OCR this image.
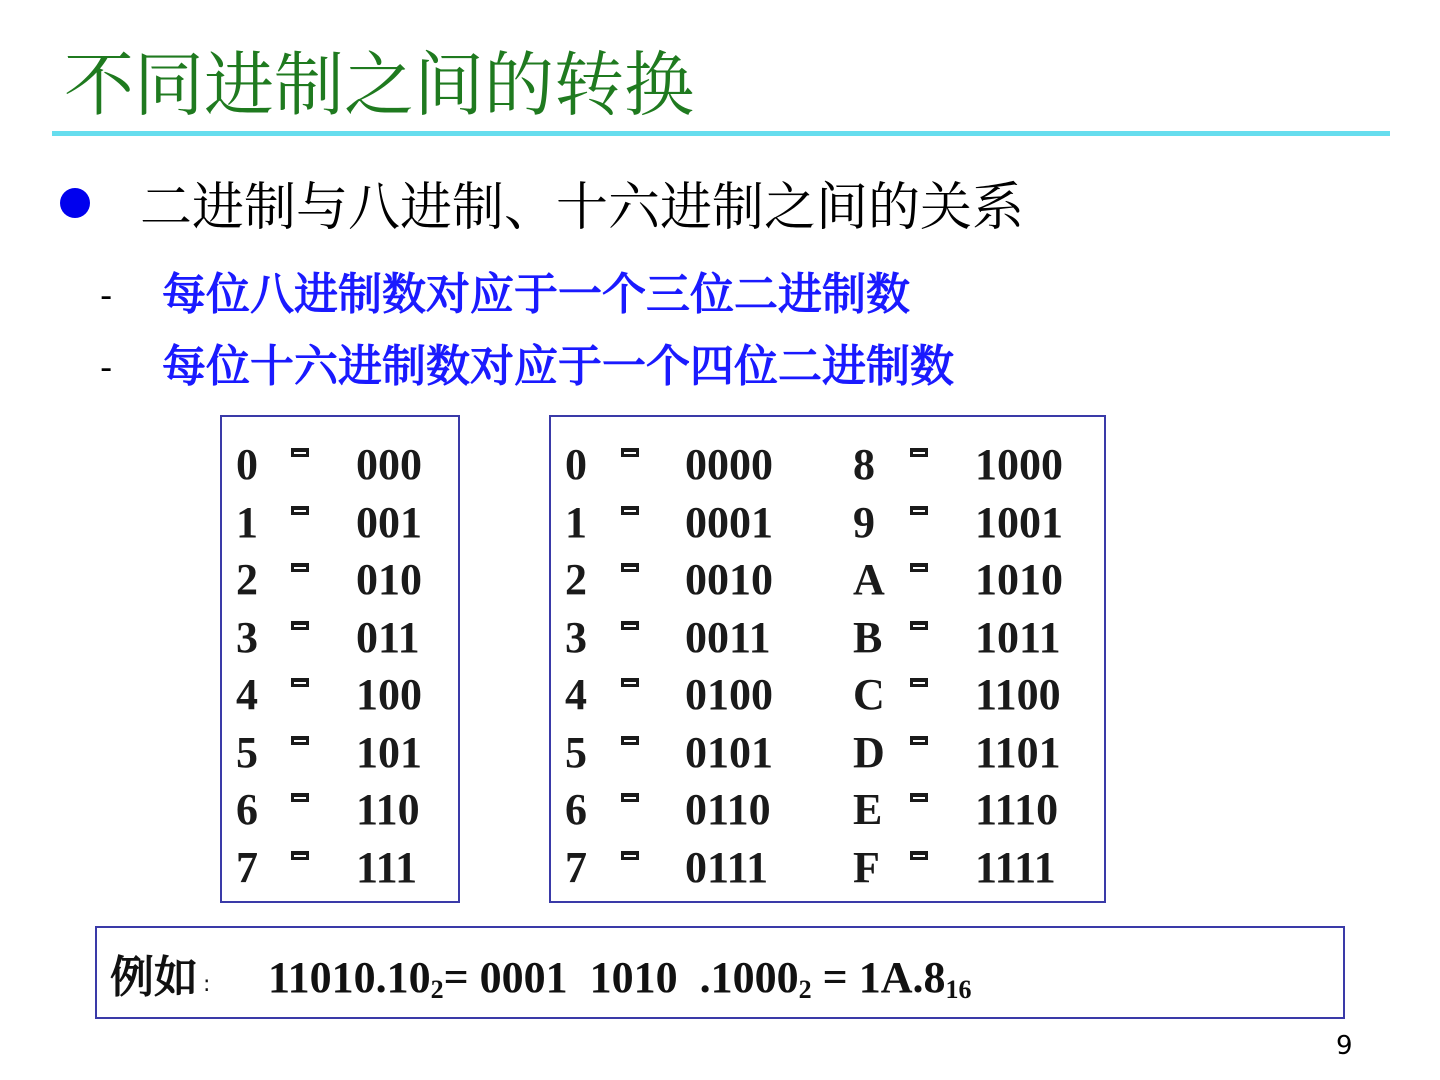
不同进制之间的转换
二进制与八进制、十六进制之间的关系
- 每位八进制数对应于一个三位二进制数
- 每位十六进制数对应于一个四位二进制数
0 000
1 001
2 010
3 011
4 100
5 101
6 110
7 111
0 0000
1 0001
2 0010
3 0011
4 0100
5 0101
6 0110
7 0111
8 1000
9 1001
A 1010
B 1011
C 1100
D 1101
E 1110
F 1111
例如 : $11010.10_2= 0001$  1010  $.1000_2 = 1A.8_{16}$
9
